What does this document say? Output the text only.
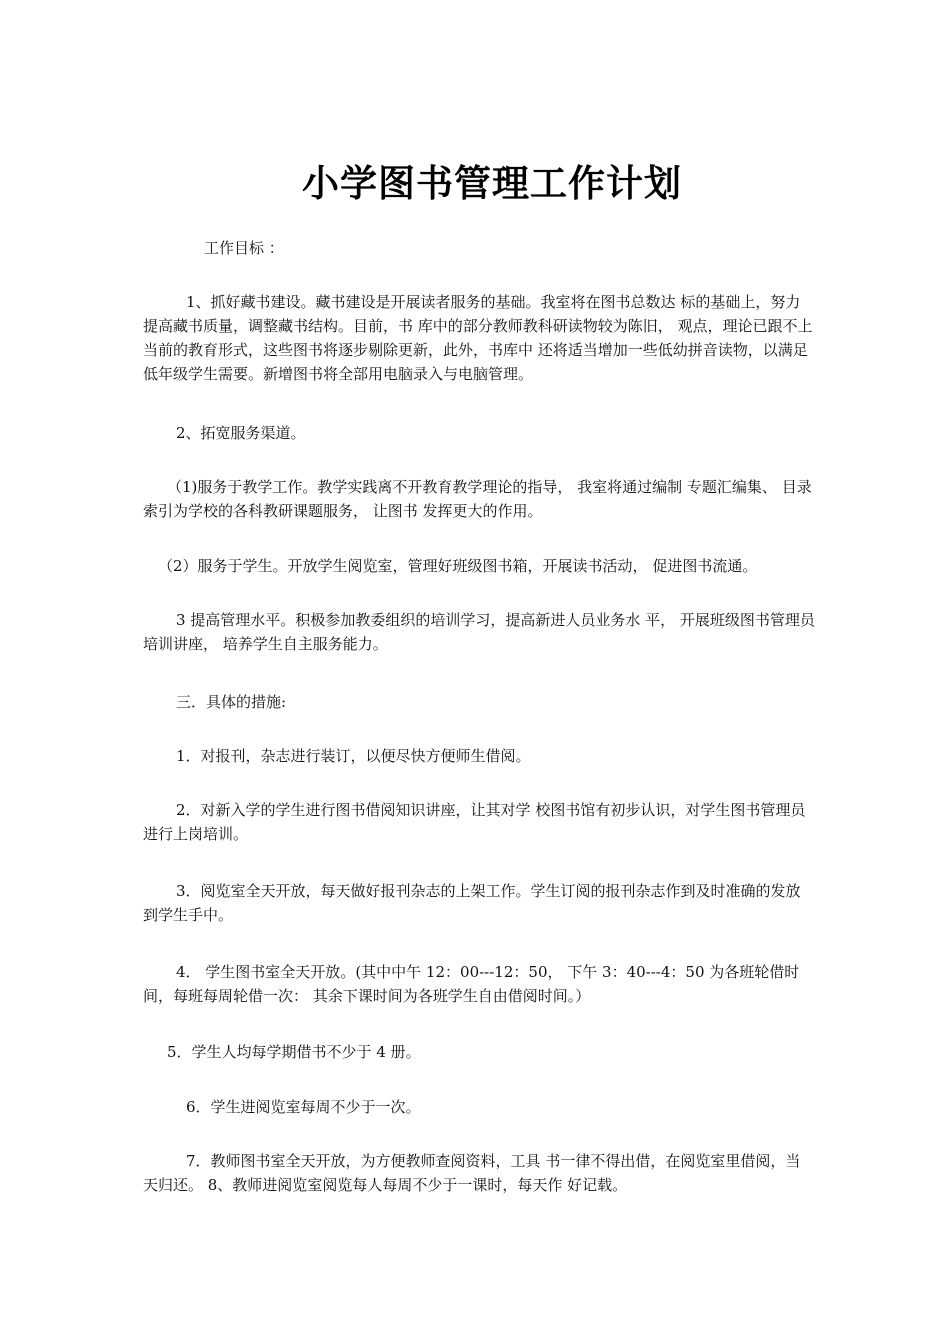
小学图书管理工作计划
工作目标 ：
1、抓好藏书建设。藏书建设是开展读者服务的基础。我室将在图书总数达 标的基础上，努力提高藏书质量，调整藏书结构。目前，书 库中的部分教师教科研读物较为陈旧， 观点，理论已跟不上 当前的教育形式，这些图书将逐步剔除更新，此外，书库中 还将适当增加一些低幼拼音读物，以满足低年级学生需要。新增图书将全部用电脑录入与电脑管理。
2、拓宽服务渠道。
（1)服务于教学工作。教学实践离不开教育教学理论的指导， 我室将通过编制 专题汇编集、 目录索引为学校的各科教研课题服务， 让图书 发挥更大的作用。
（2）服务于学生。开放学生阅览室，管理好班级图书箱，开展读书活动， 促进图书流通。
3 提高管理水平。积极参加教委组织的培训学习，提高新进人员业务水 平， 开展班级图书管理员培训讲座， 培养学生自主服务能力。
三．具体的措施:
1．对报刊，杂志进行装订，以便尽快方便师生借阅。
2．对新入学的学生进行图书借阅知识讲座，让其对学 校图书馆有初步认识，对学生图书管理员进行上岗培训。
3．阅览室全天开放，每天做好报刊杂志的上架工作。学生订阅的报刊杂志作到及时准确的发放到学生手中。
4． 学生图书室全天开放。(其中中午 12：00---12：50， 下午 3：40---4：50 为各班轮借时间，每班每周轮借一次： 其余下课时间为各班学生自由借阅时间。）
5．学生人均每学期借书不少于 4 册。
6．学生进阅览室每周不少于一次。
7．教师图书室全天开放，为方便教师查阅资料，工具 书一律不得出借，在阅览室里借阅，当天归还。 8、教师进阅览室阅览每人每周不少于一课时，每天作 好记载。
